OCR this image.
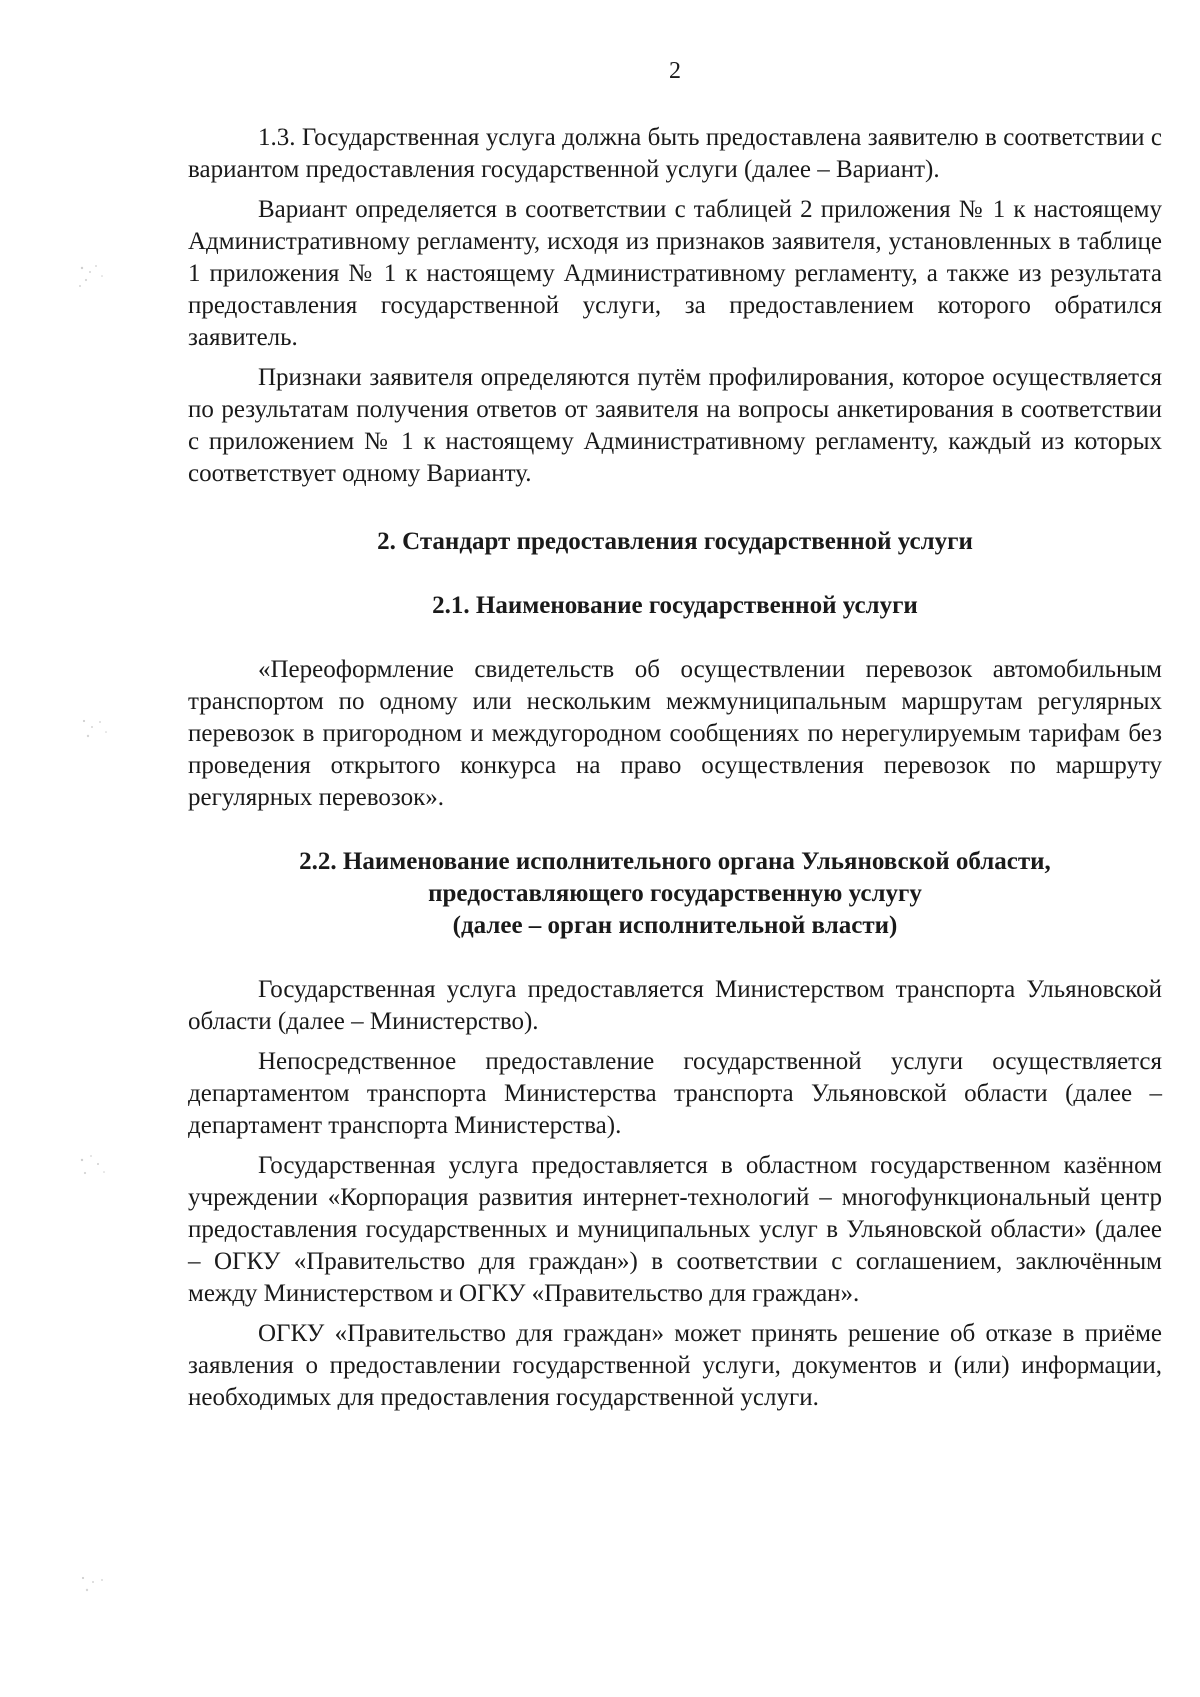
2

1.3. Государственная услуга должна быть предоставлена заявителю в соответствии с вариантом предоставления государственной услуги (далее – Вариант).

Вариант определяется в соответствии с таблицей 2 приложения № 1 к настоящему Административному регламенту, исходя из признаков заявителя, установленных в таблице 1 приложения № 1 к настоящему Административному регламенту, а также из результата предоставления государственной услуги, за предоставлением которого обратился заявитель.

Признаки заявителя определяются путём профилирования, которое осуществляется по результатам получения ответов от заявителя на вопросы анкетирования в соответствии с приложением № 1 к настоящему Административному регламенту, каждый из которых соответствует одному Варианту.

2. Стандарт предоставления государственной услуги
2.1. Наименование государственной услуги

«Переоформление свидетельств об осуществлении перевозок автомобильным транспортом по одному или нескольким межмуниципальным маршрутам регулярных перевозок в пригородном и междугородном сообщениях по нерегулируемым тарифам без проведения открытого конкурса на право осуществления перевозок по маршруту регулярных перевозок».

2.2. Наименование исполнительного органа Ульяновской области,
предоставляющего государственную услугу
(далее – орган исполнительной власти)

Государственная услуга предоставляется Министерством транспорта Ульяновской области (далее – Министерство).

Непосредственное предоставление государственной услуги осуществляется департаментом транспорта Министерства транспорта Ульяновской области (далее – департамент транспорта Министерства).

Государственная услуга предоставляется в областном государственном казённом учреждении «Корпорация развития интернет-технологий – многофункциональный центр предоставления государственных и муниципальных услуг в Ульяновской области» (далее – ОГКУ «Правительство для граждан») в соответствии с соглашением, заключённым между Министерством и ОГКУ «Правительство для граждан».

ОГКУ «Правительство для граждан» может принять решение об отказе в приёме заявления о предоставлении государственной услуги, документов и (или) информации, необходимых для предоставления государственной услуги.
